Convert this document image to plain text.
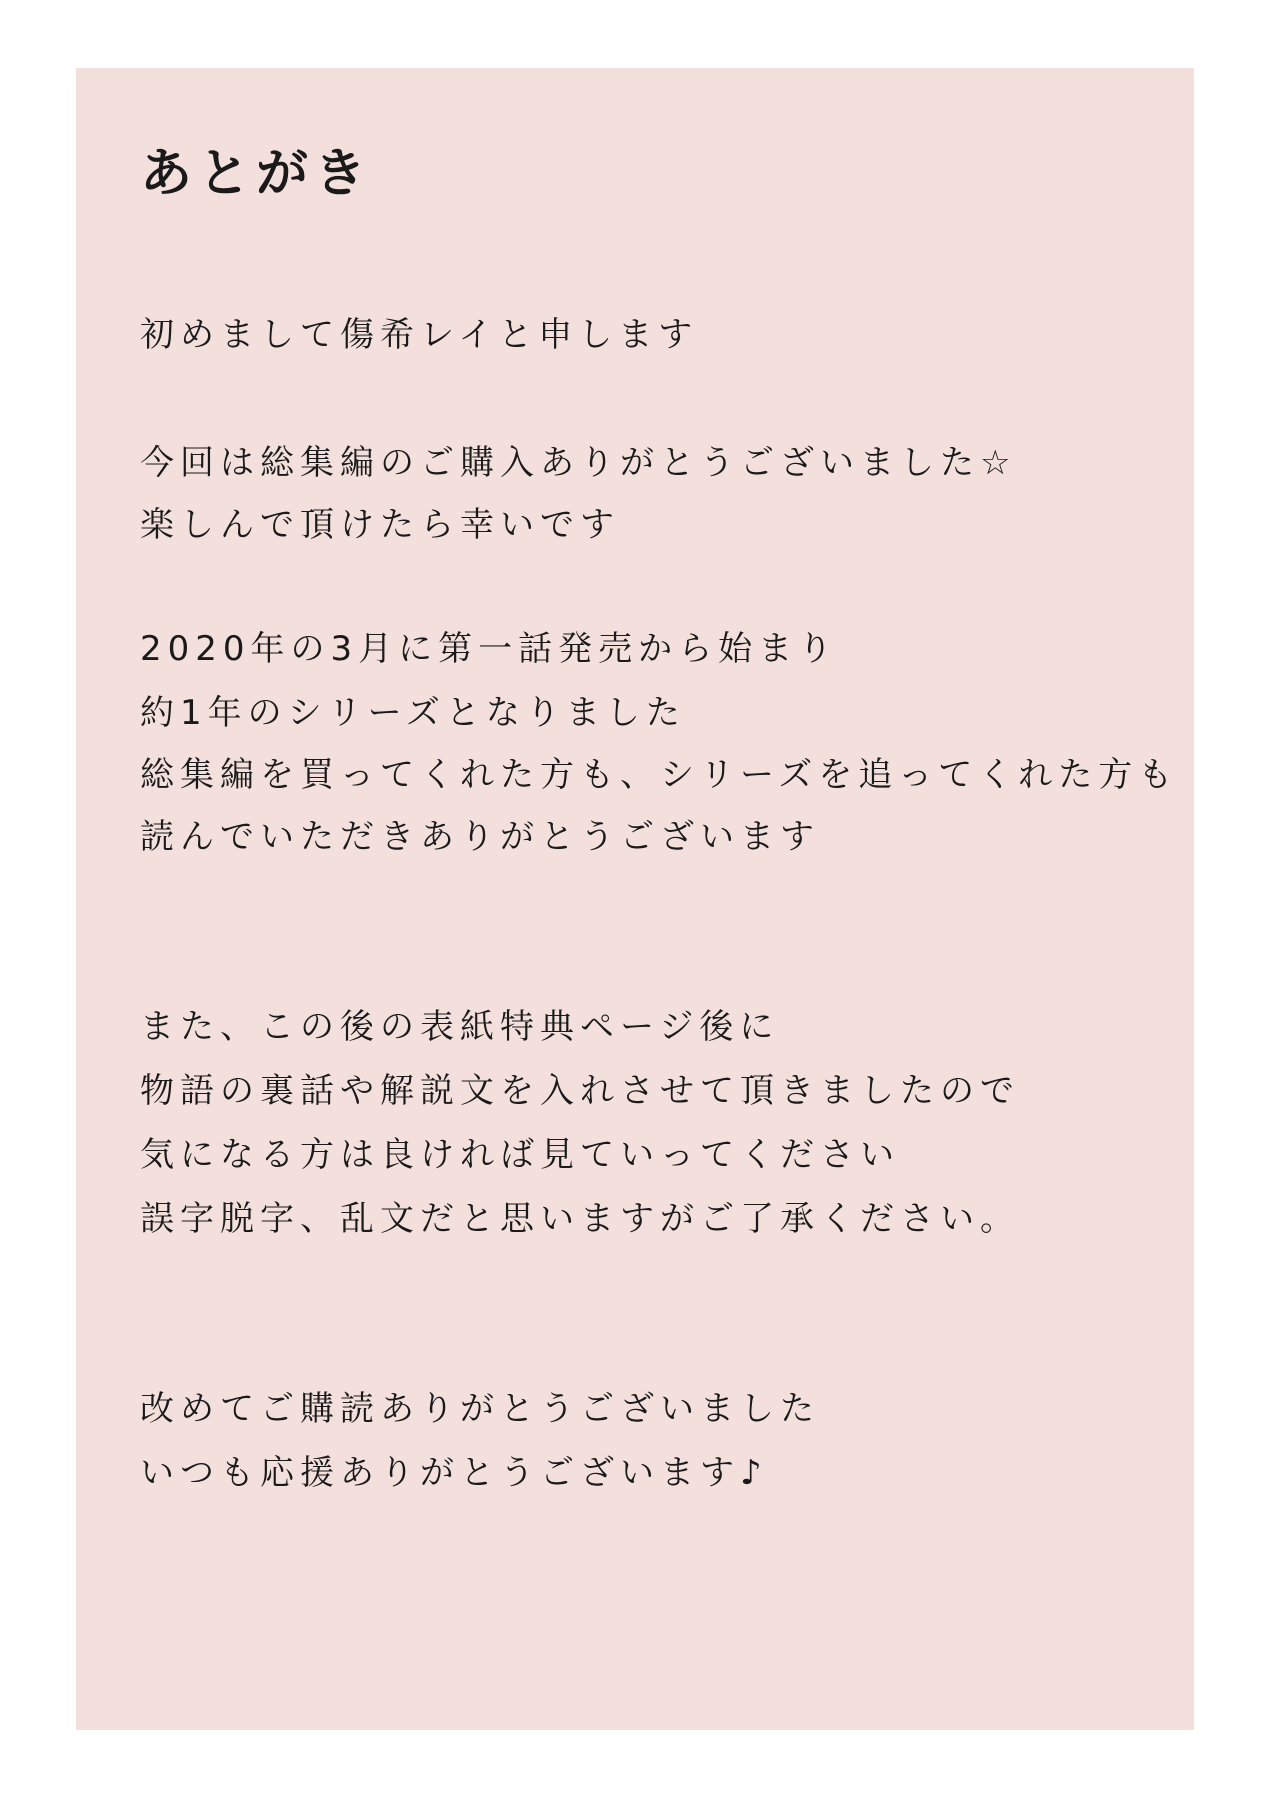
あとがき
初めまして傷希レイと申します
今回は総集編のご購入ありがとうございました☆
楽しんで頂けたら幸いです
2020年の3月に第一話発売から始まり
約1年のシリーズとなりました
総集編を買ってくれた方も、シリーズを追ってくれた方も
読んでいただきありがとうございます
また、この後の表紙特典ページ後に
物語の裏話や解説文を入れさせて頂きましたので
気になる方は良ければ見ていってください
誤字脱字、乱文だと思いますがご了承ください。
改めてご購読ありがとうございました
いつも応援ありがとうございます♪
